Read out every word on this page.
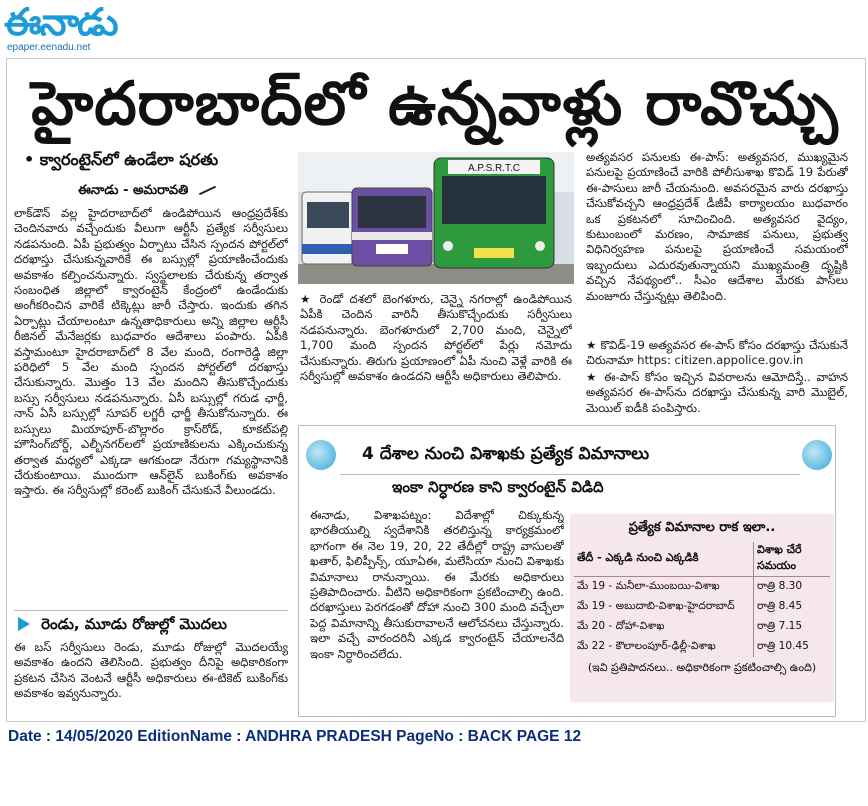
ఈనాడు
epaper.eenadu.net
హైదరాబాద్‌లో ఉన్నవాళ్లు రావొచ్చు
• క్వారంటైన్‌లో ఉండేలా షరతు
ఈనాడు - అమరావతి
లాక్‌డౌన్ వల్ల హైదరాబాద్‌లో ఉండిపోయిన ఆంధ్రప్రదేశ్‌కు చెందినవారు వచ్చేందుకు వీలుగా ఆర్టీసీ ప్రత్యేక సర్వీసులు నడపనుంది. ఏపీ ప్రభుత్వం ఏర్పాటు చేసిన స్పందన పోర్టల్‌లో దరఖాస్తు చేసుకున్నవారికే ఈ బస్సుల్లో ప్రయాణించేందుకు అవకాశం కల్పించనున్నారు. స్వస్థలాలకు చేరుకున్న తర్వాత సంబంధిత జిల్లాలో క్వారంటైన్ కేంద్రంలో ఉండేందుకు అంగీకరించిన వారికే టిక్కెట్లు జారీ చేస్తారు. ఇందుకు తగిన ఏర్పాట్లు చేయాలంటూ ఉన్నతాధికారులు అన్ని జిల్లాల ఆర్టీసీ రీజినల్ మేనేజర్లకు బుధవారం ఆదేశాలు పంపారు. ఏపీకి వస్తామంటూ హైదరాబాద్‌లో 8 వేల మంది, రంగారెడ్డి జిల్లా పరిధిలో 5 వేల మంది స్పందన పోర్టల్‌లో దరఖాస్తు చేసుకున్నారు. మొత్తం 13 వేల మందిని తీసుకొచ్చేందుకు బస్సు సర్వీసులు నడపనున్నారు. ఏసీ బస్సుల్లో గరుడ ఛార్జీ, నాన్ ఏసీ బస్సుల్లో సూపర్ లగ్జరీ ఛార్జీ తీసుకోనున్నారు. ఈ బస్సులు మియాపూర్-బొల్లారం క్రాస్‌రోడ్, కూకట్‌పల్లి హౌసింగ్‌బోర్డ్, ఎల్బీనగర్‌లలో ప్రయాణికులను ఎక్కించుకున్న తర్వాత మధ్యలో ఎక్కడా ఆగకుండా నేరుగా గమ్యస్థానానికి చేరుకుంటాయి. ముందుగా ఆన్‌లైన్ బుకింగ్‌కు అవకాశం ఇస్తారు. ఈ సర్వీసుల్లో కరెంట్ బుకింగ్ చేసుకునే వీలుండదు.
రెండు, మూడు రోజుల్లో మొదలు
ఈ బస్ సర్వీసులు రెండు, మూడు రోజుల్లో మొదలయ్యే అవకాశం ఉందని తెలిసింది. ప్రభుత్వం దీనిపై అధికారికంగా ప్రకటన చేసిన వెంటనే ఆర్టీసీ అధికారులు ఈ-టికెట్ బుకింగ్‌కు అవకాశం ఇవ్వనున్నారు.
A.P.S.R.T.C
★ రెండో దశలో బెంగళూరు, చెన్నై నగరాల్లో ఉండిపోయిన ఏపీకి చెందిన వారినీ తీసుకొచ్చేందుకు సర్వీసులు నడపనున్నారు. బెంగళూరులో 2,700 మంది, చెన్నైలో 1,700 మంది స్పందన పోర్టల్‌లో పేర్లు నమోదు చేసుకున్నారు. తిరుగు ప్రయాణంలో ఏపీ నుంచి వెళ్లే వారికి ఈ సర్వీసుల్లో అవకాశం ఉండదని ఆర్టీసీ అధికారులు తెలిపారు.
అత్యవసర పనులకు ఈ-పాస్: అత్యవసర, ముఖ్యమైన పనులపై ప్రయాణించే వారికి పోలీసుశాఖ కొవిడ్ 19 పేరుతో ఈ-పాసులు జారీ చేయనుంది. అవసరమైన వారు దరఖాస్తు చేసుకోవచ్చని ఆంధ్రప్రదేశ్ డీజీపీ కార్యాలయం బుధవారం ఒక ప్రకటనలో సూచించింది. అత్యవసర వైద్యం, కుటుంబంలో మరణం, సామాజిక పనులు, ప్రభుత్వ విధినిర్వహణ పనులపై ప్రయాణించే సమయంలో ఇబ్బందులు ఎదురవుతున్నాయని ముఖ్యమంత్రి దృష్టికి వచ్చిన నేపథ్యంలో.. సీఎం ఆదేశాల మేరకు పాస్‌లు మంజూరు చేస్తున్నట్లు తెలిపింది.
★ కొవిడ్-19 అత్యవసర ఈ-పాస్ కోసం దరఖాస్తు చేసుకునే చిరునామా https: citizen.appolice.gov.in
★ ఈ-పాస్ కోసం ఇచ్చిన వివరాలను ఆమోదిస్తే.. వాహన అత్యవసర ఈ-పాస్‌ను దరఖాస్తు చేసుకున్న వారి మొబైల్, మెయిల్ ఐడీకి పంపిస్తారు.
4 దేశాల నుంచి విశాఖకు ప్రత్యేక విమానాలు
ఇంకా నిర్ధారణ కాని క్వారంటైన్ విడిది
ఈనాడు, విశాఖపట్నం: విదేశాల్లో చిక్కుకున్న భారతీయుల్ని స్వదేశానికి తరలిస్తున్న కార్యక్రమంలో భాగంగా ఈ నెల 19, 20, 22 తేదీల్లో రాష్ట్ర వాసులతో ఖతార్, ఫిలిప్పీన్స్, యూఏఈ, మలేసియా నుంచి విశాఖకు విమానాలు రానున్నాయి. ఈ మేరకు అధికారులు ప్రతిపాదించారు. వీటిని అధికారికంగా ప్రకటించాల్సి ఉంది. దరఖాస్తులు పెరగడంతో దోహా నుంచి 300 మంది వచ్చేలా పెద్ద విమానాన్ని తీసుకురావాలనే ఆలోచనలు చేస్తున్నారు. ఇలా వచ్చే వారందరినీ ఎక్కడ క్వారంటైన్ చేయాలనేది ఇంకా నిర్ధారించలేదు.
ప్రత్యేక విమానాల రాక ఇలా..
తేదీ - ఎక్కడి నుంచి ఎక్కడికి	విశాఖ చేరే సమయం
మే 19 - మనీలా-ముంబయి-విశాఖ	రాత్రి 8.30
మే 19 - అబుదాబి-విశాఖ-హైదరాబాద్	రాత్రి 8.45
మే 20 - దోహా-విశాఖ	రాత్రి 7.15
మే 22 - కౌలాలంపూర్-ఢిల్లీ-విశాఖ	రాత్రి 10.45
(ఇవి ప్రతిపాదనలు.. అధికారికంగా ప్రకటించాల్సి ఉంది)
Date : 14/05/2020 EditionName : ANDHRA PRADESH PageNo : BACK PAGE 12
